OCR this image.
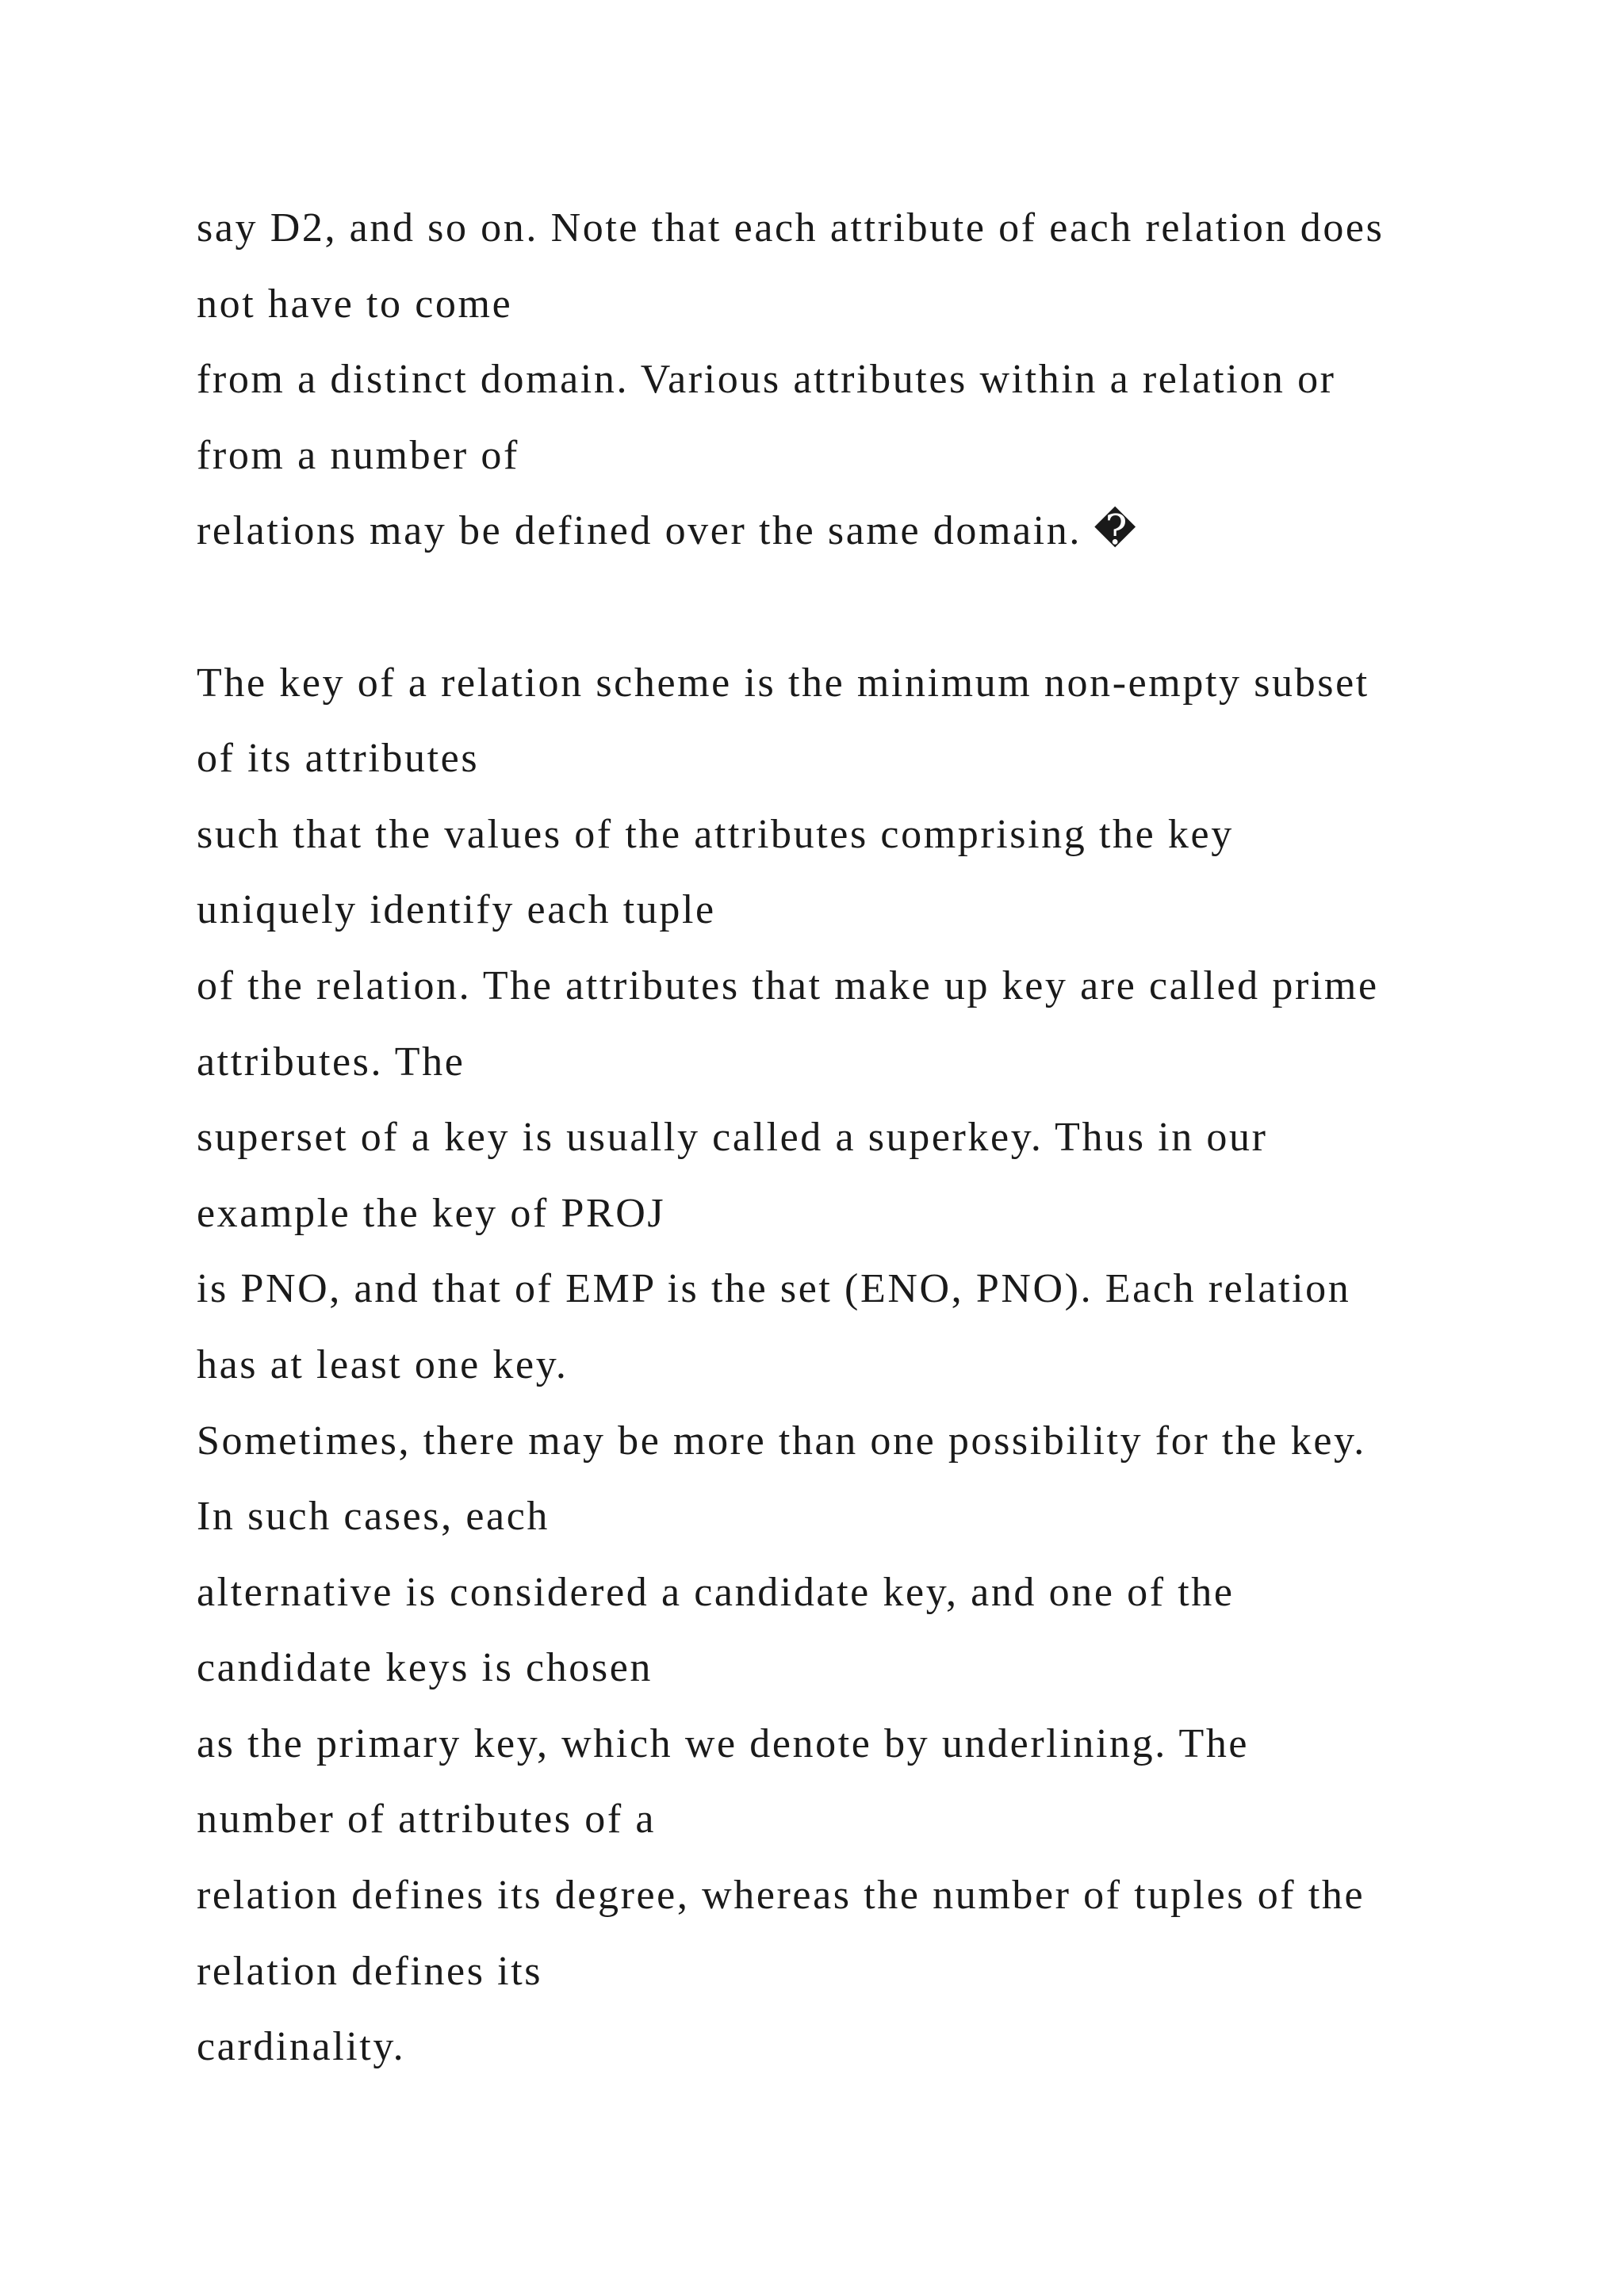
say D2, and so on. Note that each attribute of each relation does
not have to come
from a distinct domain. Various attributes within a relation or
from a number of
relations may be defined over the same domain. �
The key of a relation scheme is the minimum non-empty subset
of its attributes
such that the values of the attributes comprising the key
uniquely identify each tuple
of the relation. The attributes that make up key are called prime
attributes. The
superset of a key is usually called a superkey. Thus in our
example the key of PROJ
is PNO, and that of EMP is the set (ENO, PNO). Each relation
has at least one key.
Sometimes, there may be more than one possibility for the key.
In such cases, each
alternative is considered a candidate key, and one of the
candidate keys is chosen
as the primary key, which we denote by underlining. The
number of attributes of a
relation defines its degree, whereas the number of tuples of the
relation defines its
cardinality.
